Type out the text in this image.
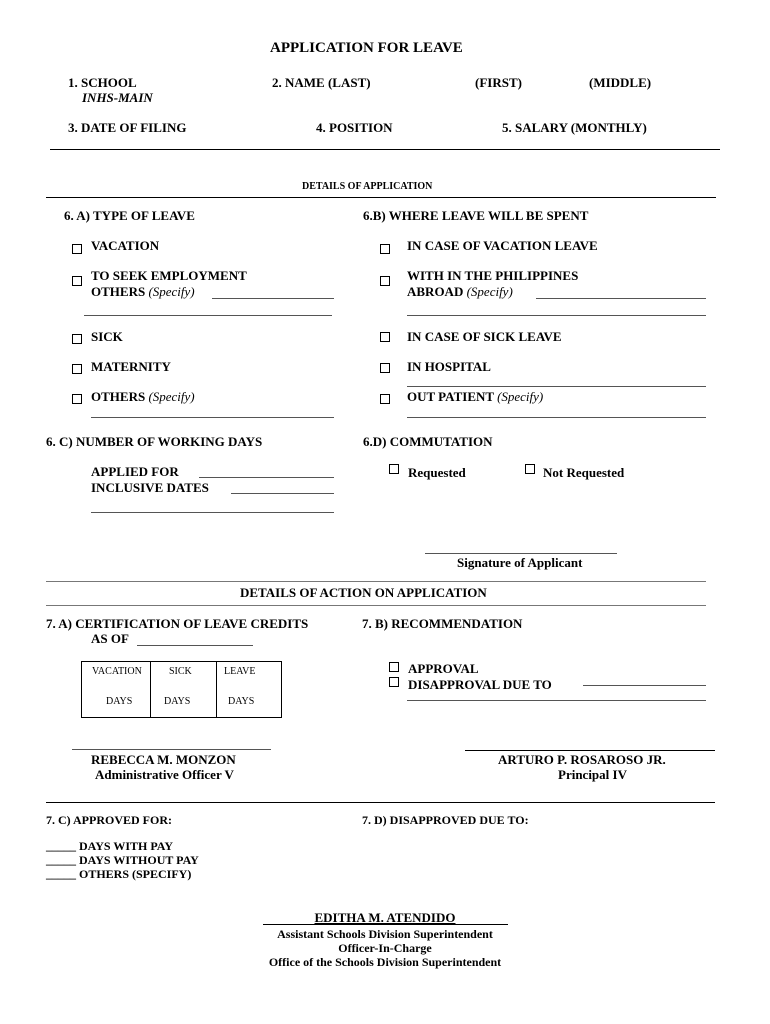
APPLICATION FOR LEAVE
1. SCHOOL
INHS-MAIN
2. NAME (LAST)	(FIRST)	(MIDDLE)
3. DATE OF FILING	4. POSITION	5. SALARY (MONTHLY)
DETAILS OF APPLICATION
6. A) TYPE OF LEAVE
VACATION
TO SEEK EMPLOYMENT
OTHERS (Specify)
SICK
MATERNITY
OTHERS (Specify)
6.B) WHERE LEAVE WILL BE SPENT
IN CASE OF VACATION LEAVE
WITH IN THE PHILIPPINES
ABROAD (Specify)
IN CASE OF SICK LEAVE
IN HOSPITAL
OUT PATIENT (Specify)
6. C) NUMBER OF WORKING DAYS
APPLIED FOR
INCLUSIVE DATES
6.D) COMMUTATION
Requested	Not Requested
Signature of Applicant
DETAILS OF ACTION ON APPLICATION
7. A) CERTIFICATION OF LEAVE CREDITS
AS OF
VACATION	SICK	LEAVE
DAYS	DAYS	DAYS
7. B) RECOMMENDATION
APPROVAL
DISAPPROVAL DUE TO
REBECCA M. MONZON
Administrative Officer V
ARTURO P. ROSAROSO JR.
Principal IV
7. C) APPROVED FOR:
_____ DAYS WITH PAY
_____ DAYS WITHOUT PAY
_____ OTHERS (SPECIFY)
7. D) DISAPPROVED DUE TO:
EDITHA M. ATENDIDO
Assistant Schools Division Superintendent
Officer-In-Charge
Office of the Schools Division Superintendent
